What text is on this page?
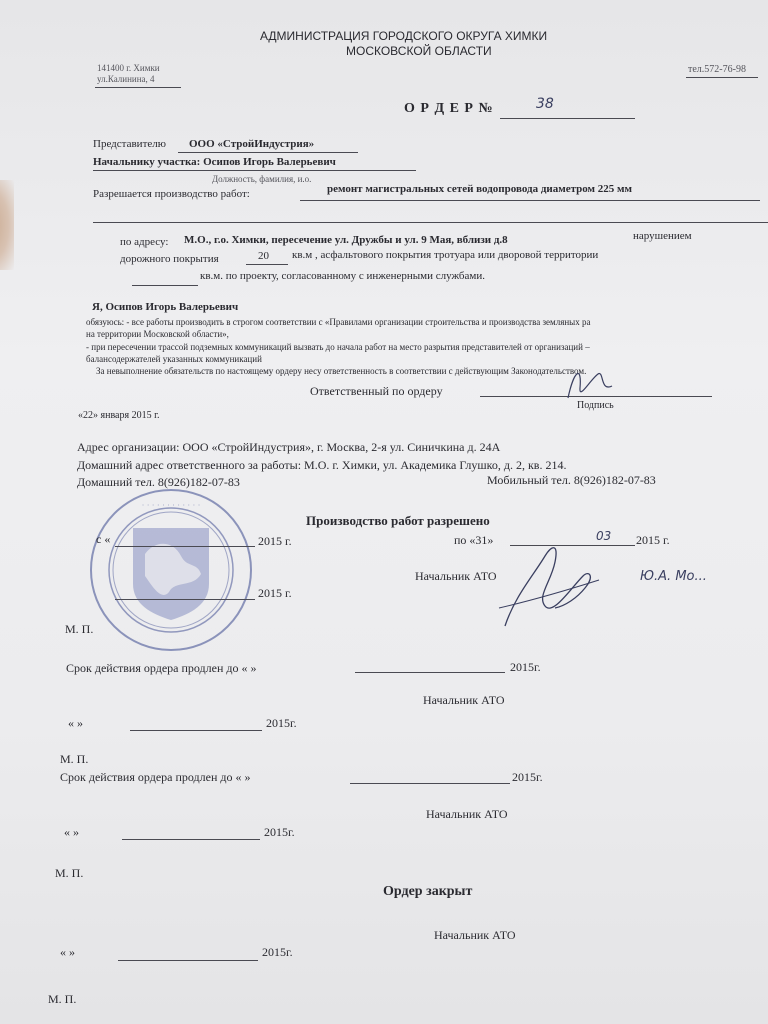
АДМИНИСТРАЦИЯ ГОРОДСКОГО ОКРУГА ХИМКИ
МОСКОВСКОЙ ОБЛАСТИ
141400 г. Химки
ул.Калинина, 4
тел.572-76-98
О Р Д Е Р №	38
Представителю ООО «СтройИндустрия»
Начальнику участка: Осипов Игорь Валерьевич
Должность, фамилия, и.о.
Разрешается производство работ:	ремонт магистральных сетей водопровода диаметром 225 мм
по адресу: М.О., г.о. Химки, пересечение ул. Дружбы и ул. 9 Мая, вблизи д.8	нарушением
дорожного покрытия	20 кв.м , асфальтового покрытия тротуара или дворовой территории
кв.м. по проекту, согласованному с инженерными службами.
Я, Осипов Игорь Валерьевич
обязуюсь: - все работы производить в строгом соответствии с «Правилами организации строительства и производства земляных ра
на территории Московской области»,
- при пересечении трассой подземных коммуникаций вызвать до начала работ на место разрытия представителей от организаций –
балансодержателей указанных коммуникаций
За невыполнение обязательств по настоящему ордеру несу ответственность в соответствии с действующим Законодательством.
Ответственный по ордеру
Подпись
«22» января 2015 г.
Адрес организации: ООО «СтройИндустрия», г. Москва, 2-я ул. Синичкина д. 24А
Домашний адрес ответственного за работы: М.О. г. Химки, ул. Академика Глушко, д. 2, кв. 214.
Домашний тел. 8(926)182-07-83	Мобильный тел. 8(926)182-07-83
· · · · · · · · · · · ·
Производство работ разрешено
с «	2015 г.	по «31»	03 2015 г.
Начальник АТО	Ю.А. Мо...
2015 г.
М. П.
Срок действия ордера продлен до « »	2015г.
Начальник АТО
« »	2015г.
М. П.
Срок действия ордера продлен до « »	2015г.
Начальник АТО
« »	2015г.
М. П.
Ордер закрыт
Начальник АТО
« »	2015г.
М. П.
